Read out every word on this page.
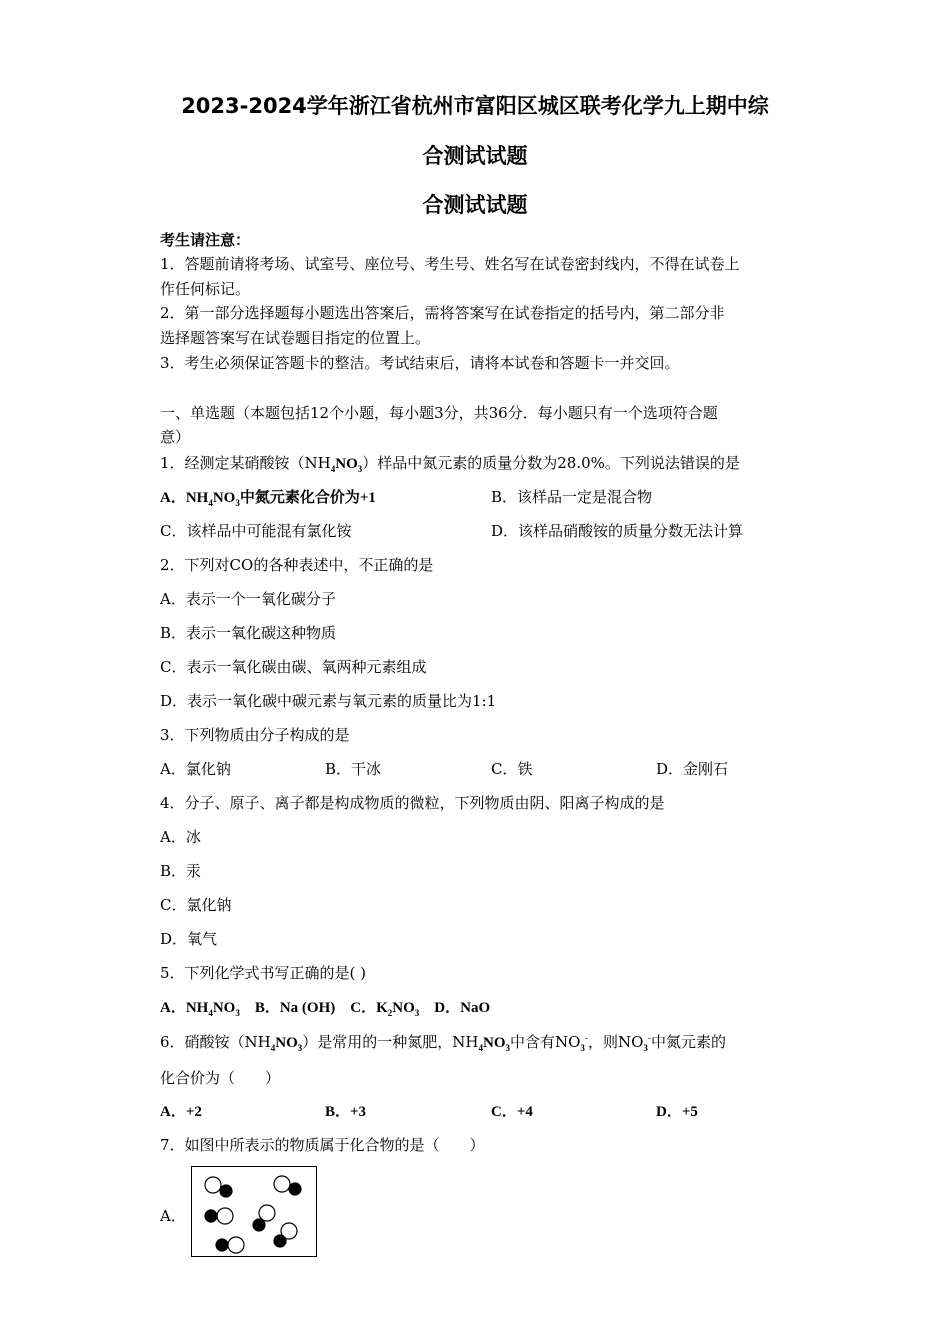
2023-2024学年浙江省杭州市富阳区城区联考化学九上期中综
合测试试题
合测试试题
考生请注意：
1．答题前请将考场、试室号、座位号、考生号、姓名写在试卷密封线内，不得在试卷上
作任何标记。
2．第一部分选择题每小题选出答案后，需将答案写在试卷指定的括号内，第二部分非
选择题答案写在试卷题目指定的位置上。
3．考生必须保证答题卡的整洁。考试结束后，请将本试卷和答题卡一并交回。
一、单选题（本题包括12个小题，每小题3分，共36分．每小题只有一个选项符合题
意）
1．经测定某硝酸铵$(NH_4NO_3)$样品中氮元素的质量分数为28.0%。下列说法错误的是
A．$NH_4NO_3$中氮元素化合价为+1	B．该样品一定是混合物
C．该样品中可能混有氯化铵	D．该样品硝酸铵的质量分数无法计算
2．下列对CO的各种表述中，不正确的是
A．表示一个一氧化碳分子
B．表示一氧化碳这种物质
C．表示一氧化碳由碳、氧两种元素组成
D．表示一氧化碳中碳元素与氧元素的质量比为1:1
3．下列物质由分子构成的是
A．氯化钠	B．干冰	C．铁	D．金刚石
4．分子、原子、离子都是构成物质的微粒，下列物质由阴、阳离子构成的是
A．冰
B．汞
C．氯化钠
D．氧气
5．下列化学式书写正确的是( )
A．$NH_4NO_3$ B．Na (OH) C．$K_2NO_3$ D．NaO
6．硝酸铵$(NH_4NO_3)$是常用的一种氮肥，$NH_4NO_3$中含有$NO_3^-$，则$NO_3^-$中氮元素的
化合价为（　　）
A．+2	B．+3	C．+4	D．+5
7．如图中所表示的物质属于化合物的是（　　）
A．
